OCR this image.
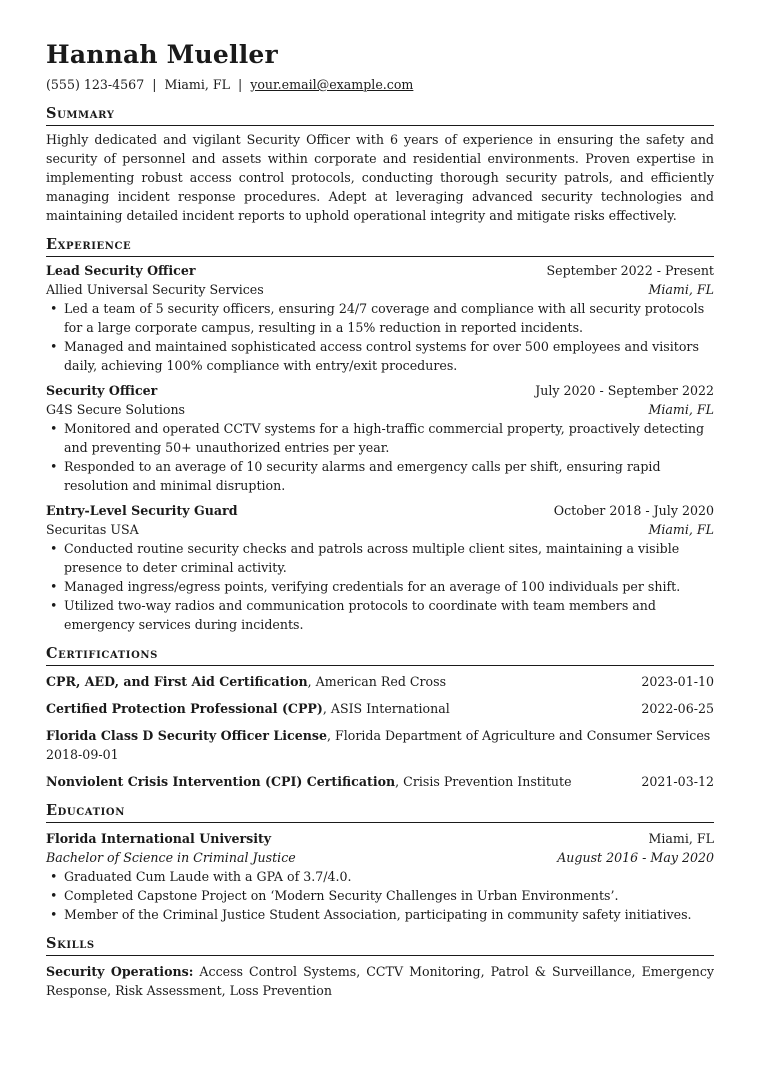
Hannah Mueller
(555) 123-4567 | Miami, FL | your.email@example.com
Summary
Highly dedicated and vigilant Security Officer with 6 years of experience in ensuring the safety and security of personnel and assets within corporate and residential environments. Proven expertise in implementing robust access control protocols, conducting thorough security patrols, and efficiently managing incident response procedures. Adept at leveraging advanced security technologies and maintaining detailed incident reports to uphold operational integrity and mitigate risks effectively.
Experience
Lead Security Officer	September 2022 - Present
Allied Universal Security Services	Miami, FL
• Led a team of 5 security officers, ensuring 24/7 coverage and compliance with all security protocols for a large corporate campus, resulting in a 15% reduction in reported incidents.
• Managed and maintained sophisticated access control systems for over 500 employees and visitors daily, achieving 100% compliance with entry/exit procedures.
Security Officer	July 2020 - September 2022
G4S Secure Solutions	Miami, FL
• Monitored and operated CCTV systems for a high-traffic commercial property, proactively detecting and preventing 50+ unauthorized entries per year.
• Responded to an average of 10 security alarms and emergency calls per shift, ensuring rapid resolution and minimal disruption.
Entry-Level Security Guard	October 2018 - July 2020
Securitas USA	Miami, FL
• Conducted routine security checks and patrols across multiple client sites, maintaining a visible presence to deter criminal activity.
• Managed ingress/egress points, verifying credentials for an average of 100 individuals per shift.
• Utilized two-way radios and communication protocols to coordinate with team members and emergency services during incidents.
Certifications
CPR, AED, and First Aid Certification, American Red Cross	2023-01-10
Certified Protection Professional (CPP), ASIS International	2022-06-25
Florida Class D Security Officer License, Florida Department of Agriculture and Consumer Services
2018-09-01
Nonviolent Crisis Intervention (CPI) Certification, Crisis Prevention Institute	2021-03-12
Education
Florida International University	Miami, FL
Bachelor of Science in Criminal Justice	August 2016 - May 2020
• Graduated Cum Laude with a GPA of 3.7/4.0.
• Completed Capstone Project on ‘Modern Security Challenges in Urban Environments’.
• Member of the Criminal Justice Student Association, participating in community safety initiatives.
Skills
Security Operations: Access Control Systems, CCTV Monitoring, Patrol & Surveillance, Emergency Response, Risk Assessment, Loss Prevention
